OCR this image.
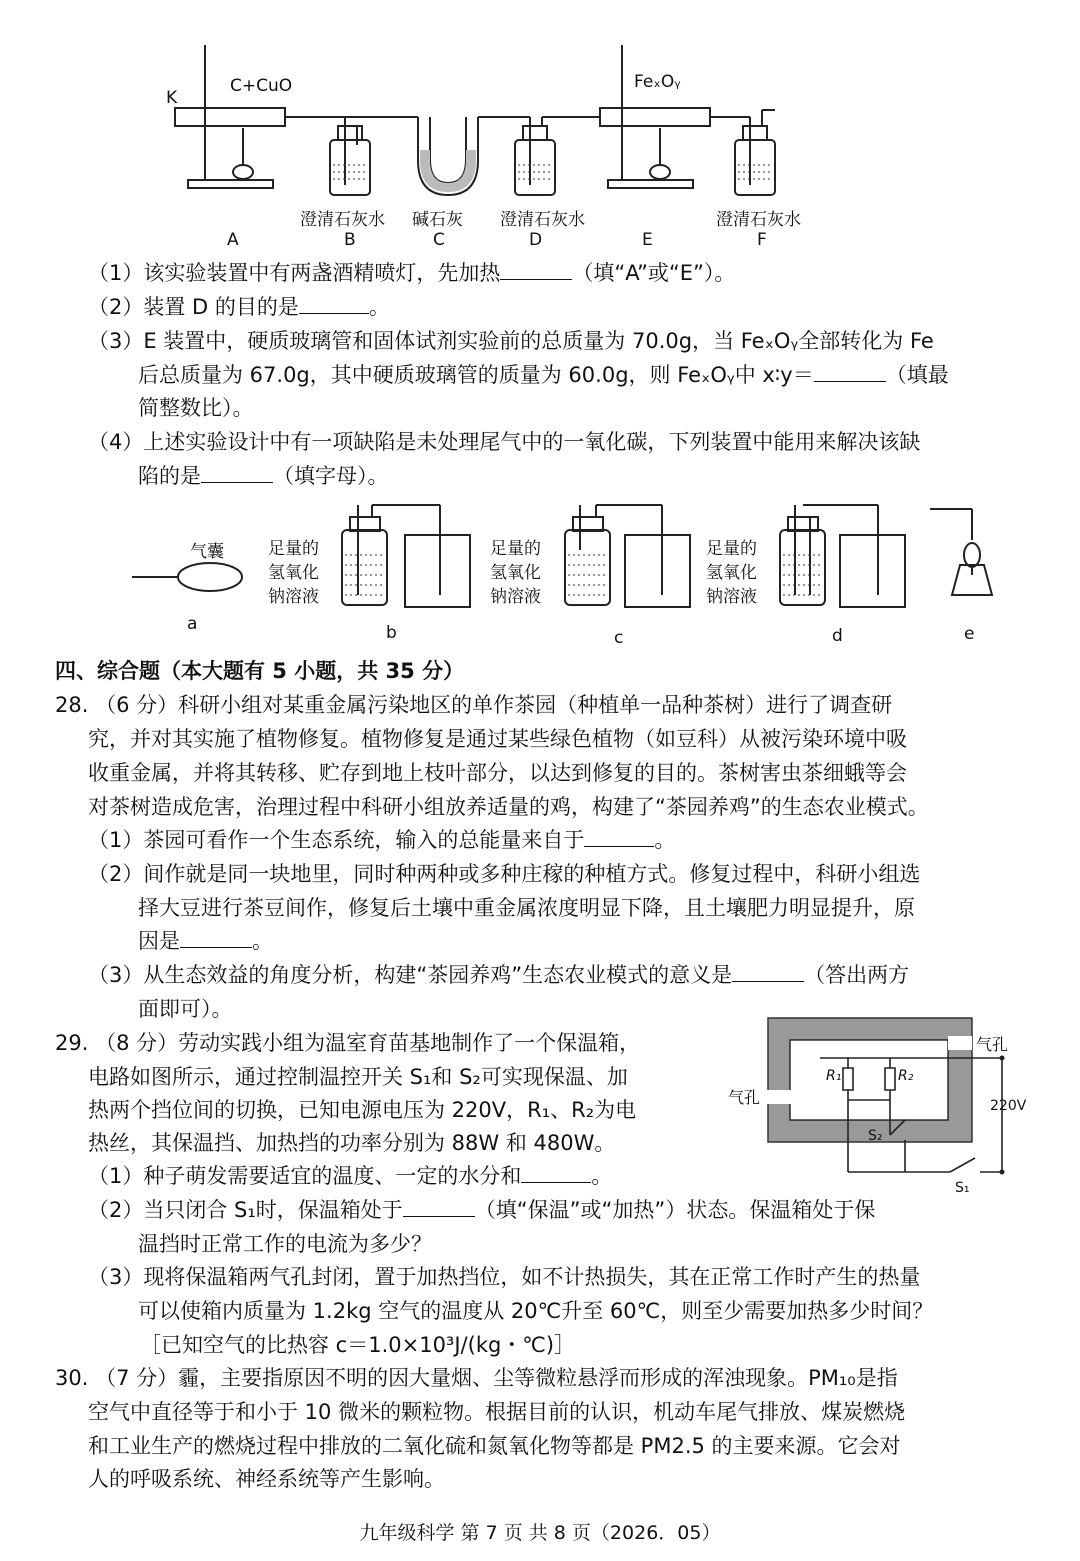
K
C+CuO	FeₓOᵧ
澄清石灰水 碱石灰 澄清石灰水	澄清石灰水
A	B	C	D	E	F
（1）该实验装置中有两盏酒精喷灯，先加热	（填“A”或“E”）。
（2）装置 D 的目的是	。
（3）E 装置中，硬质玻璃管和固体试剂实验前的总质量为 70.0g，当 FeₓOᵧ全部转化为 Fe
后总质量为 67.0g，其中硬质玻璃管的质量为 60.0g，则 FeₓOᵧ中 x∶y＝	（填最
简整数比）。
（4）上述实验设计中有一项缺陷是未处理尾气中的一氧化碳，下列装置中能用来解决该缺
陷的是	（填字母）。
气囊	足量的
氢氧化
钠溶液
足量的
氢氧化
钠溶液
足量的
氢氧化
钠溶液
a	b	c	d	e
四、综合题（本大题有 5 小题，共 35 分）
28. （6 分）科研小组对某重金属污染地区的单作茶园（种植单一品种茶树）进行了调查研
究，并对其实施了植物修复。植物修复是通过某些绿色植物（如豆科）从被污染环境中吸
收重金属，并将其转移、贮存到地上枝叶部分，以达到修复的目的。茶树害虫茶细蛾等会
对茶树造成危害，治理过程中科研小组放养适量的鸡，构建了“茶园养鸡”的生态农业模式。
（1）茶园可看作一个生态系统，输入的总能量来自于	。
（2）间作就是同一块地里，同时种两种或多种庄稼的种植方式。修复过程中，科研小组选
择大豆进行茶豆间作，修复后土壤中重金属浓度明显下降，且土壤肥力明显提升，原
因是	。
（3）从生态效益的角度分析，构建“茶园养鸡”生态农业模式的意义是	（答出两方
面即可）。
29. （8 分）劳动实践小组为温室育苗基地制作了一个保温箱，
电路如图所示，通过控制温控开关 S₁和 S₂可实现保温、加
热两个挡位间的切换，已知电源电压为 220V，R₁、R₂为电
热丝，其保温挡、加热挡的功率分别为 88W 和 480W。
（1）种子萌发需要适宜的温度、一定的水分和	。
（2）当只闭合 S₁时，保温箱处于	（填“保温”或“加热”）状态。保温箱处于保
温挡时正常工作的电流为多少？
（3）现将保温箱两气孔封闭，置于加热挡位，如不计热损失，其在正常工作时产生的热量
可以使箱内质量为 1.2kg 空气的温度从 20℃升至 60℃，则至少需要加热多少时间？
［已知空气的比热容 c＝1.0×10³J/(kg・℃)］
气孔
气孔
R₁	R₂
220V
S₂
S₁
30. （7 分）霾，主要指原因不明的因大量烟、尘等微粒悬浮而形成的浑浊现象。PM₁₀是指
空气中直径等于和小于 10 微米的颗粒物。根据目前的认识，机动车尾气排放、煤炭燃烧
和工业生产的燃烧过程中排放的二氧化硫和氮氧化物等都是 PM2.5 的主要来源。它会对
人的呼吸系统、神经系统等产生影响。
九年级科学 第 7 页 共 8 页（2026．05）
